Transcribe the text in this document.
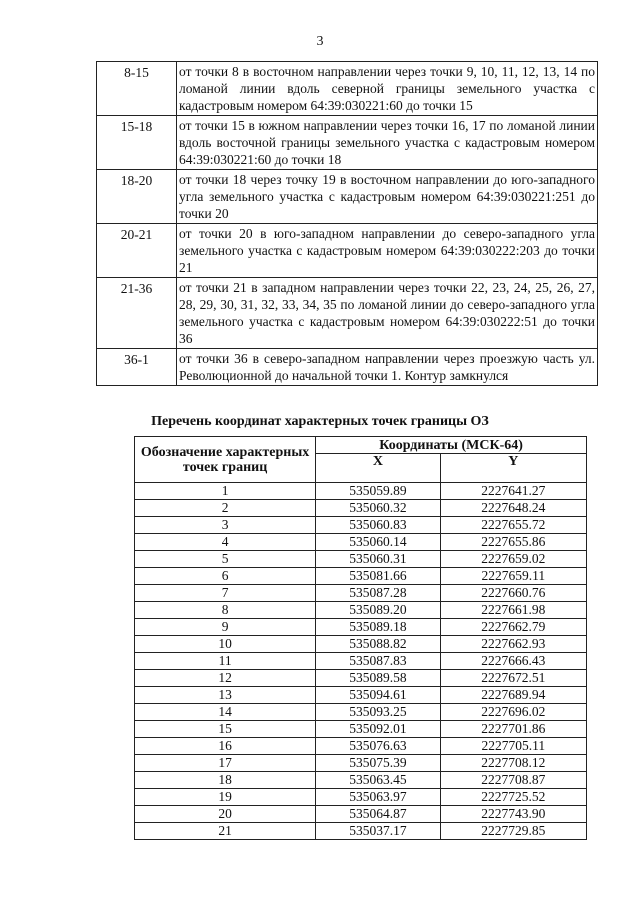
3
8-15	от точки 8 в восточном направлении через точки 9, 10, 11, 12, 13, 14 по ломаной линии вдоль северной границы земельного участка с кадастровым номером 64:39:030221:60 до точки 15
15-18	от точки 15 в южном направлении через точки 16, 17 по ломаной линии вдоль восточной границы земельного участка с кадастровым номером 64:39:030221:60 до точки 18
18-20	от точки 18 через точку 19 в восточном направлении до юго-западного угла земельного участка с кадастровым номером 64:39:030221:251 до точки 20
20-21	от точки 20 в юго-западном направлении до северо-западного угла земельного участка с кадастровым номером 64:39:030222:203 до точки 21
21-36	от точки 21 в западном направлении через точки 22, 23, 24, 25, 26, 27, 28, 29, 30, 31, 32, 33, 34, 35 по ломаной линии до северо-западного угла земельного участка с кадастровым номером 64:39:030222:51 до точки 36
36-1	от точки 36 в северо-западном направлении через проезжую часть ул. Революционной до начальной точки 1. Контур замкнулся
Перечень координат характерных точек границы ОЗ
Обозначение характерных точек границ	Координаты (МСК-64)	
	X	Y
1	535059.89	2227641.27
2	535060.32	2227648.24
3	535060.83	2227655.72
4	535060.14	2227655.86
5	535060.31	2227659.02
6	535081.66	2227659.11
7	535087.28	2227660.76
8	535089.20	2227661.98
9	535089.18	2227662.79
10	535088.82	2227662.93
11	535087.83	2227666.43
12	535089.58	2227672.51
13	535094.61	2227689.94
14	535093.25	2227696.02
15	535092.01	2227701.86
16	535076.63	2227705.11
17	535075.39	2227708.12
18	535063.45	2227708.87
19	535063.97	2227725.52
20	535064.87	2227743.90
21	535037.17	2227729.85
